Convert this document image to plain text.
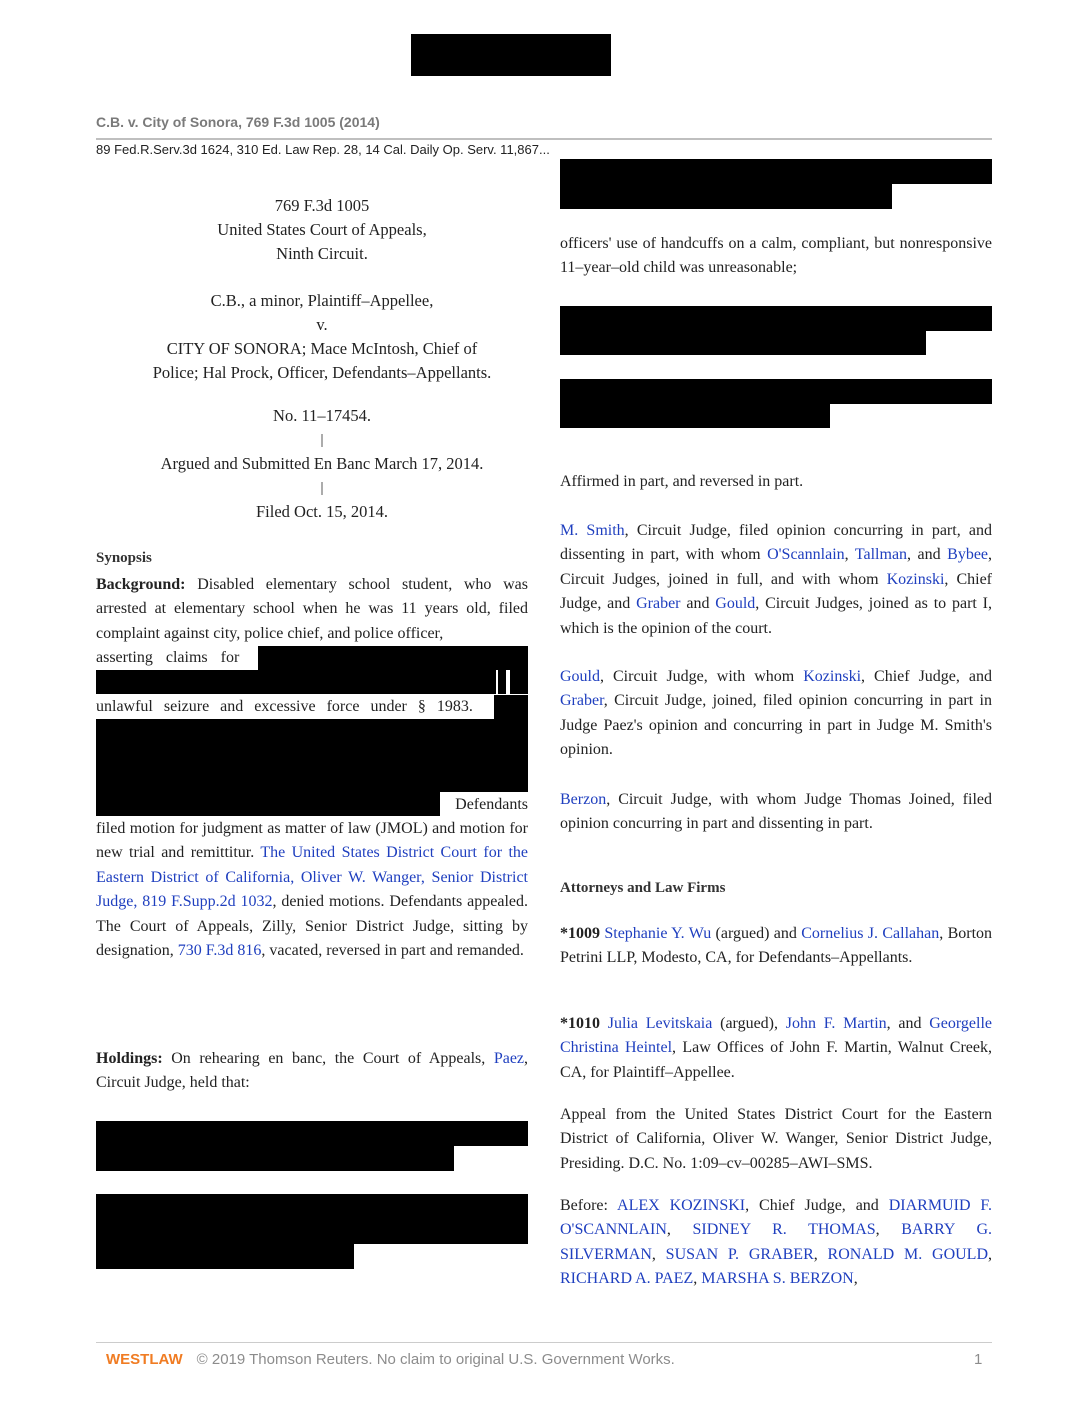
C.B. v. City of Sonora, 769 F.3d 1005 (2014)
89 Fed.R.Serv.3d 1624, 310 Ed. Law Rep. 28, 14 Cal. Daily Op. Serv. 11,867...
769 F.3d 1005
United States Court of Appeals,
Ninth Circuit.
C.B., a minor, Plaintiff–Appellee,
v.
CITY OF SONORA; Mace McIntosh, Chief of
Police; Hal Prock, Officer, Defendants–Appellants.
No. 11–17454.
|
Argued and Submitted En Banc March 17, 2014.
|
Filed Oct. 15, 2014.
Synopsis
Background: Disabled elementary school student, who was arrested at elementary school when he was 11 years old, filed complaint against city, police chief, and police officer,
asserting claims for
unlawful seizure and excessive force under § 1983.
Defendants
filed motion for judgment as matter of law (JMOL) and motion for new trial and remittitur. The United States District Court for the Eastern District of California, Oliver W. Wanger, Senior District Judge, 819 F.Supp.2d 1032, denied motions. Defendants appealed. The Court of Appeals, Zilly, Senior District Judge, sitting by designation, 730 F.3d 816, vacated, reversed in part and remanded.
Holdings: On rehearing en banc, the Court of Appeals, Paez, Circuit Judge, held that:
officers' use of handcuffs on a calm, compliant, but nonresponsive 11–year–old child was unreasonable;
Affirmed in part, and reversed in part.
M. Smith, Circuit Judge, filed opinion concurring in part, and dissenting in part, with whom O'Scannlain, Tallman, and Bybee, Circuit Judges, joined in full, and with whom Kozinski, Chief Judge, and Graber and Gould, Circuit Judges, joined as to part I, which is the opinion of the court.
Gould, Circuit Judge, with whom Kozinski, Chief Judge, and Graber, Circuit Judge, joined, filed opinion concurring in part in Judge Paez's opinion and concurring in part in Judge M. Smith's opinion.
Berzon, Circuit Judge, with whom Judge Thomas Joined, filed opinion concurring in part and dissenting in part.
Attorneys and Law Firms
*1009 Stephanie Y. Wu (argued) and Cornelius J. Callahan, Borton Petrini LLP, Modesto, CA, for Defendants–Appellants.
*1010 Julia Levitskaia (argued), John F. Martin, and Georgelle Christina Heintel, Law Offices of John F. Martin, Walnut Creek, CA, for Plaintiff–Appellee.
Appeal from the United States District Court for the Eastern District of California, Oliver W. Wanger, Senior District Judge, Presiding. D.C. No. 1:09–cv–00285–AWI–SMS.
Before: ALEX KOZINSKI, Chief Judge, and DIARMUID F. O'SCANNLAIN, SIDNEY R. THOMAS, BARRY G. SILVERMAN, SUSAN P. GRABER, RONALD M. GOULD, RICHARD A. PAEZ, MARSHA S. BERZON,
WESTLAW © 2019 Thomson Reuters. No claim to original U.S. Government Works.	1
